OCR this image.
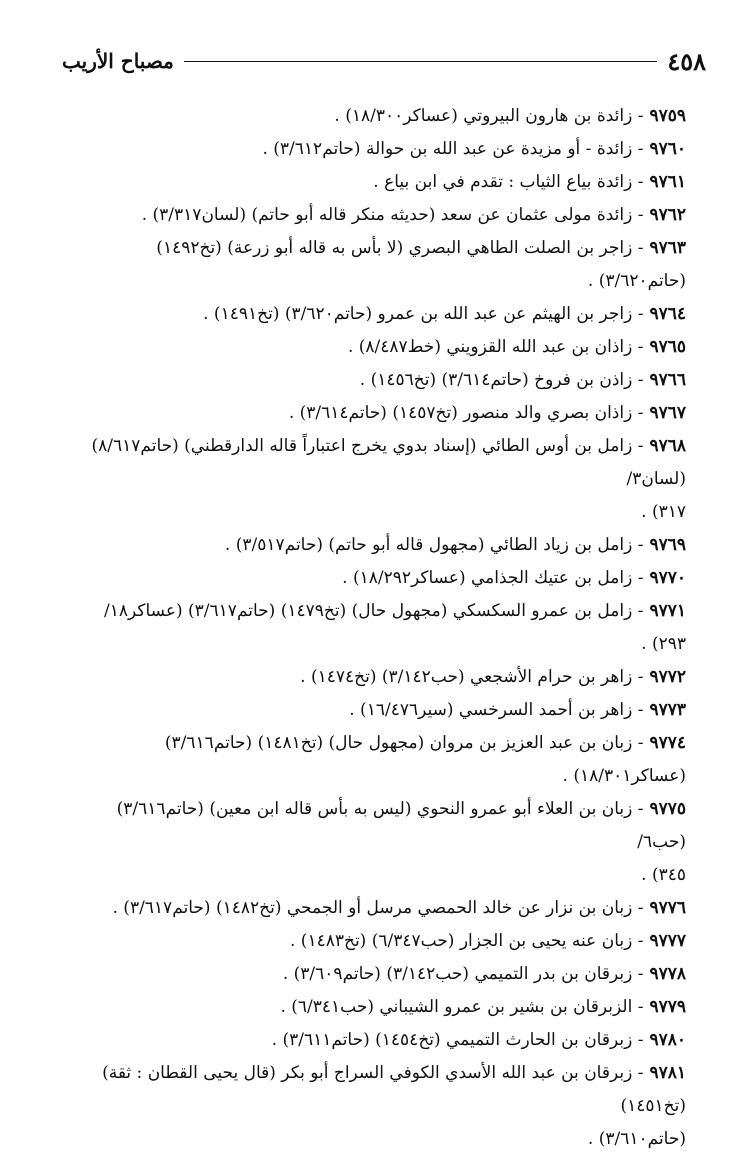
٤٥٨
مصباح الأريب
٩٧٥٩- زائدة بن هارون البيروتي (عساكر١٨/٣٠٠) .
٩٧٦٠- زائدة - أو مزيدة عن عبد الله بن حوالة (حاتم٣/٦١٢) .
٩٧٦١- زائدة بياع الثياب : تقدم في ابن بياع .
٩٧٦٢- زائدة مولى عثمان عن سعد (حديثه منكر قاله أبو حاتم) (لسان٣/٣١٧) .
٩٧٦٣- زاجر بن الصلت الطاهي البصري (لا بأس به قاله أبو زرعة) (تخ١٤٩٢) (حاتم٣/٦٢٠) .
٩٧٦٤- زاجر بن الهيثم عن عبد الله بن عمرو (حاتم٣/٦٢٠) (تخ١٤٩١) .
٩٧٦٥- زاذان بن عبد الله القزويني (خط٨/٤٨٧) .
٩٧٦٦- زاذن بن فروخ (حاتم٣/٦١٤) (تخ١٤٥٦) .
٩٧٦٧- زاذان بصري والد منصور (تخ١٤٥٧) (حاتم٣/٦١٤) .
٩٧٦٨- زامل بن أوس الطائي (إسناد بدوي يخرج اعتباراً قاله الدارقطني) (حاتم٨/٦١٧) (لسان٣/
٣١٧) .
٩٧٦٩- زامل بن زياد الطائي (مجهول قاله أبو حاتم) (حاتم٣/٥١٧) .
٩٧٧٠- زامل بن عتيك الجذامي (عساكر١٨/٢٩٢) .
٩٧٧١- زامل بن عمرو السكسكي (مجهول حال) (تخ١٤٧٩) (حاتم٣/٦١٧) (عساكر١٨/
٢٩٣) .
٩٧٧٢- زاهر بن حرام الأشجعي (حب٣/١٤٢) (تخ١٤٧٤) .
٩٧٧٣- زاهر بن أحمد السرخسي (سير١٦/٤٧٦) .
٩٧٧٤- زبان بن عبد العزيز بن مروان (مجهول حال) (تخ١٤٨١) (حاتم٣/٦١٦) (عساكر١٨/٣٠١) .
٩٧٧٥- زبان بن العلاء أبو عمرو النحوي (ليس به بأس قاله ابن معين) (حاتم٣/٦١٦) (حب٦/
٣٤٥) .
٩٧٧٦- زبان بن نزار عن خالد الحمصي مرسل أو الجمحي (تخ١٤٨٢) (حاتم٣/٦١٧) .
٩٧٧٧- زبان عنه يحيى بن الجزار (حب٦/٣٤٧) (تخ١٤٨٣) .
٩٧٧٨- زبرقان بن بدر التميمي (حب٣/١٤٢) (حاتم٣/٦٠٩) .
٩٧٧٩- الزبرقان بن بشير بن عمرو الشيباني (حب٦/٣٤١) .
٩٧٨٠- زبرقان بن الحارث التميمي (تخ١٤٥٤) (حاتم٣/٦١١) .
٩٧٨١- زبرقان بن عبد الله الأسدي الكوفي السراج أبو بكر (قال يحيى القطان : ثقة) (تخ١٤٥١)
(حاتم٣/٦١٠) .
